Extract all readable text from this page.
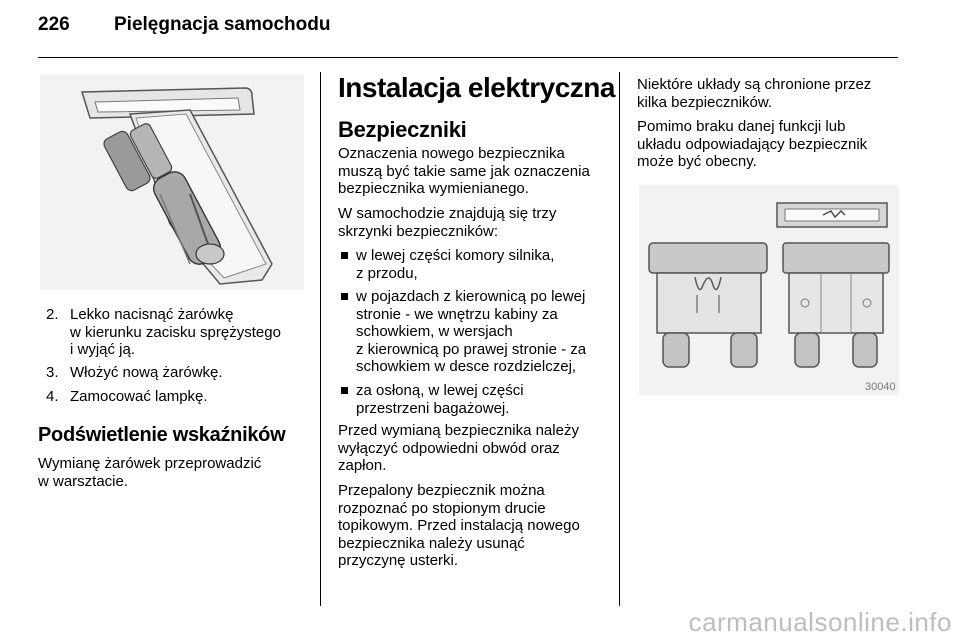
226 Pielęgnacja samochodu
2. Lekko nacisnąć żarówkę
w kierunku zacisku sprężystego
i wyjąć ją.
3. Włożyć nową żarówkę.
4. Zamocować lampkę.
Podświetlenie wskaźników

Wymianę żarówek przeprowadzić
w warsztacie.

Instalacja elektryczna
Bezpieczniki

Oznaczenia nowego bezpiecznika
muszą być takie same jak oznaczenia
bezpiecznika wymienianego.

W samochodzie znajdują się trzy
skrzynki bezpieczników:

w lewej części komory silnika,
z przodu,
w pojazdach z kierownicą po lewej
stronie - we wnętrzu kabiny za
schowkiem, w wersjach
z kierownicą po prawej stronie - za
schowkiem w desce rozdzielczej,
za osłoną, w lewej części
przestrzeni bagażowej.

Przed wymianą bezpiecznika należy
wyłączyć odpowiedni obwód oraz
zapłon.

Przepalony bezpiecznik można
rozpoznać po stopionym drucie
topikowym. Przed instalacją nowego
bezpiecznika należy usunąć
przyczynę usterki.

Niektóre układy są chronione przez
kilka bezpieczników.

Pomimo braku danej funkcji lub
układu odpowiadający bezpiecznik
może być obecny.

30040
carmanualsonline.info
